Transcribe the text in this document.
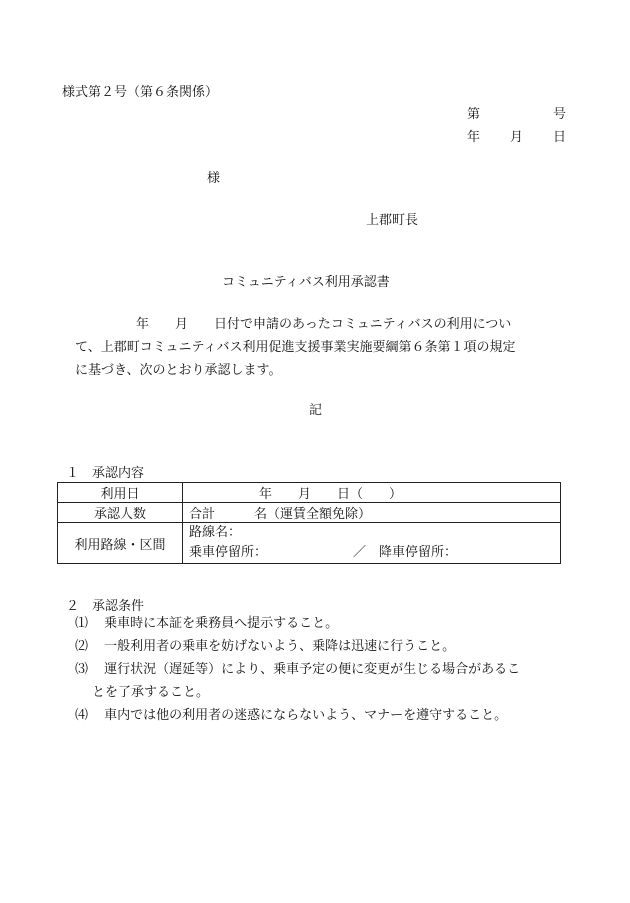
様式第２号（第６条関係）
第	号
年 月 日
様
上郡町長
コミュニティバス利用承認書
年　　月　　日付で申請のあったコミュニティバスの利用につい
て、上郡町コミュニティバス利用促進支援事業実施要綱第６条第１項の規定
に基づき、次のとおり承認します。
記
１　承認内容
利用日	年　　月　　日（　　）
承認人数	合計　　　名（運賃全額免除）
利用路線・区間	路線名：
乗車停留所： ／　降車停留所：
２　承認条件
⑴ 乗車時に本証を乗務員へ提示すること。
⑵ 一般利用者の乗車を妨げないよう、乗降は迅速に行うこと。
⑶ 運行状況（遅延等）により、乗車予定の便に変更が生じる場合があるこ
とを了承すること。
⑷ 車内では他の利用者の迷惑にならないよう、マナーを遵守すること。
